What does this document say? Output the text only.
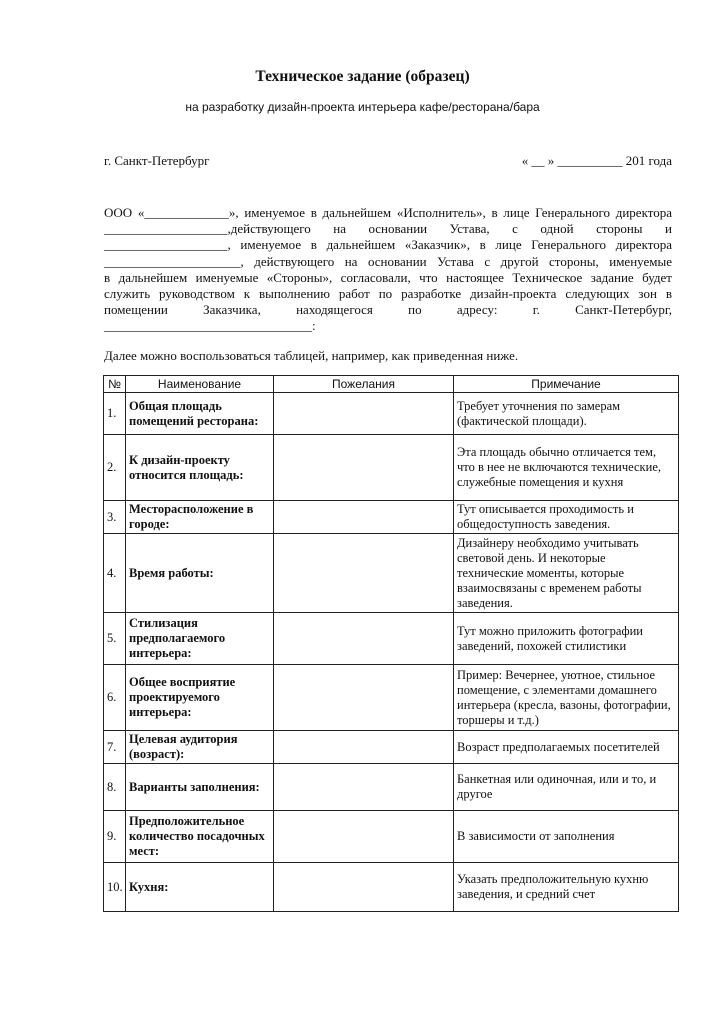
Техническое задание (образец)
на разработку дизайн-проекта интерьера кафе/ресторана/бара
г. Санкт-Петербург	« __ » __________ 201 года
ООО «_____________», именуемое в дальнейшем «Исполнитель», в лице Генерального директора
___________________,действующего на основании Устава, с одной стороны и
___________________, именуемое в дальнейшем «Заказчик», в лице Генерального директора
_____________________, действующего на основании Устава с другой стороны, именуемые
в дальнейшем именуемые «Стороны», согласовали, что настоящее Техническое задание будет
служить руководством к выполнению работ по разработке дизайн-проекта следующих зон в
помещении Заказчика, находящегося по адресу: г. Санкт-Петербург,
________________________________:
Далее можно воспользоваться таблицей, например, как приведенная ниже.
№	Наименование	Пожелания	Примечание
1.	Общая площадь помещений ресторана:		Требует уточнения по замерам (фактической площади).
2.	К дизайн-проекту относится площадь:		Эта площадь обычно отличается тем, что в нее не включаются технические, служебные помещения и кухня
3.	Месторасположение в городе:		Тут описывается проходимость и общедоступность заведения.
4.	Время работы:		Дизайнеру необходимо учитывать световой день. И некоторые технические моменты, которые взаимосвязаны с временем работы заведения.
5.	Стилизация предполагаемого интерьера:		Тут можно приложить фотографии заведений, похожей стилистики
6.	Общее восприятие проектируемого интерьера:		Пример: Вечернее, уютное, стильное помещение, с элементами домашнего интерьера (кресла, вазоны, фотографии, торшеры и т.д.)
7.	Целевая аудитория (возраст):		Возраст предполагаемых посетителей
8.	Варианты заполнения:		Банкетная или одиночная, или и то, и другое
9.	Предположительное количество посадочных мест:		В зависимости от заполнения
10.	Кухня:		Указать предположительную кухню заведения, и средний счет
